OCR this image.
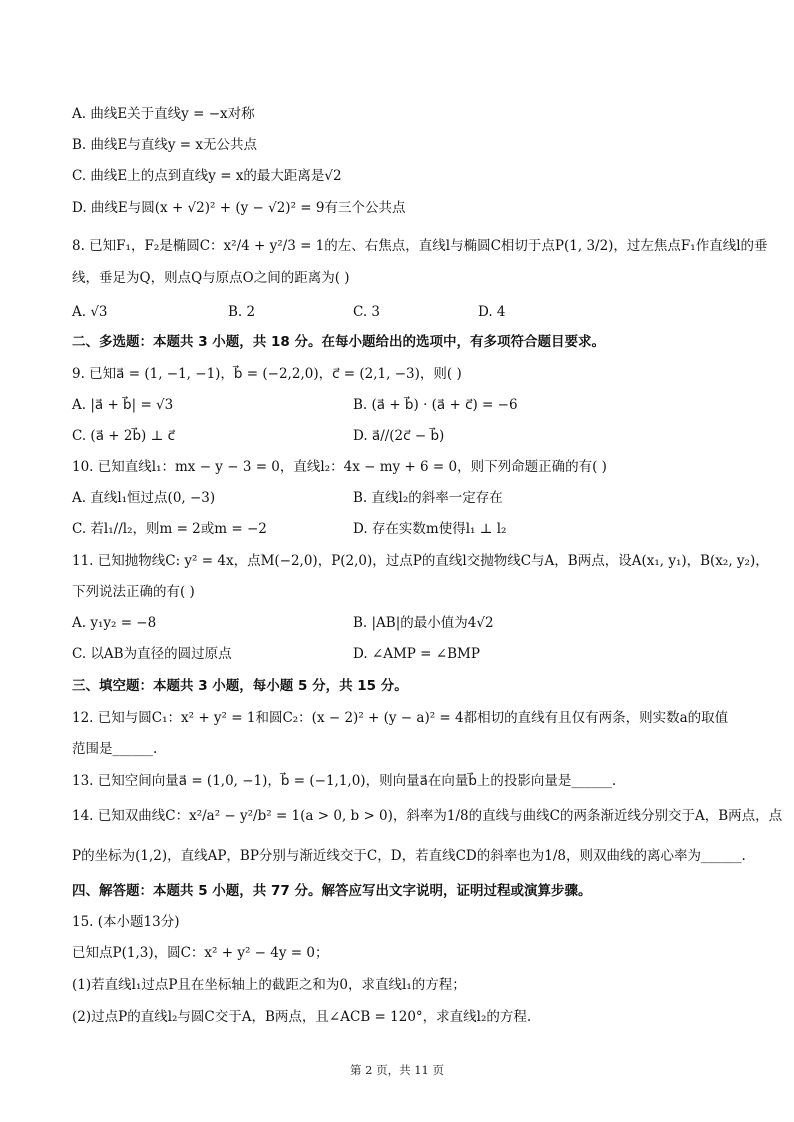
A. 曲线E关于直线y = −x对称
B. 曲线E与直线y = x无公共点
C. 曲线E上的点到直线y = x的最大距离是√2
D. 曲线E与圆(x + √2)² + (y − √2)² = 9有三个公共点
8. 已知F₁，F₂是椭圆C：x²/4 + y²/3 = 1的左、右焦点，直线l与椭圆C相切于点P(1, 3/2)，过左焦点F₁作直线l的垂
线，垂足为Q，则点Q与原点O之间的距离为( )
A. √3	B. 2	C. 3	D. 4
二、多选题：本题共 3 小题，共 18 分。在每小题给出的选项中，有多项符合题目要求。
9. 已知a⃗ = (1, −1, −1)，b⃗ = (−2,2,0)，c⃗ = (2,1, −3)，则( )
A. |a⃗ + b⃗| = √3	B. (a⃗ + b⃗) · (a⃗ + c⃗) = −6
C. (a⃗ + 2b⃗) ⊥ c⃗	D. a⃗//(2c⃗ − b⃗)
10. 已知直线l₁：mx − y − 3 = 0，直线l₂：4x − my + 6 = 0，则下列命题正确的有( )
A. 直线l₁恒过点(0, −3)	B. 直线l₂的斜率一定存在
C. 若l₁//l₂，则m = 2或m = −2	D. 存在实数m使得l₁ ⊥ l₂
11. 已知抛物线C: y² = 4x，点M(−2,0)，P(2,0)，过点P的直线l交抛物线C与A，B两点，设A(x₁, y₁)，B(x₂, y₂)，
下列说法正确的有( )
A. y₁y₂ = −8	B. |AB|的最小值为4√2
C. 以AB为直径的圆过原点	D. ∠AMP = ∠BMP
三、填空题：本题共 3 小题，每小题 5 分，共 15 分。
12. 已知与圆C₁：x² + y² = 1和圆C₂：(x − 2)² + (y − a)² = 4都相切的直线有且仅有两条，则实数a的取值
范围是______.
13. 已知空间向量a⃗ = (1,0, −1)，b⃗ = (−1,1,0)，则向量a⃗在向量b⃗上的投影向量是______.
14. 已知双曲线C：x²/a² − y²/b² = 1(a > 0, b > 0)，斜率为1/8的直线与曲线C的两条渐近线分别交于A，B两点，点
P的坐标为(1,2)，直线AP，BP分别与渐近线交于C，D，若直线CD的斜率也为1/8，则双曲线的离心率为______.
四、解答题：本题共 5 小题，共 77 分。解答应写出文字说明，证明过程或演算步骤。
15. (本小题13分)
已知点P(1,3)，圆C：x² + y² − 4y = 0；
(1)若直线l₁过点P且在坐标轴上的截距之和为0，求直线l₁的方程；
(2)过点P的直线l₂与圆C交于A，B两点，且∠ACB = 120°，求直线l₂的方程.
第 2 页，共 11 页
